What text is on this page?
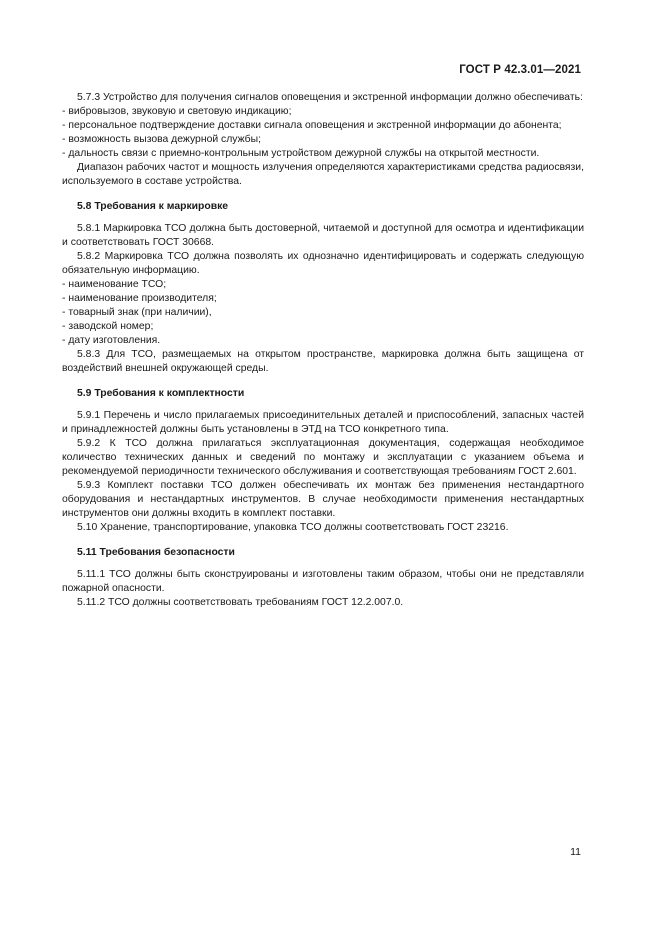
ГОСТ Р 42.3.01—2021

5.7.3 Устройство для получения сигналов оповещения и экстренной информации должно обеспечивать:

- вибровызов, звуковую и световую индикацию;

- персональное подтверждение доставки сигнала оповещения и экстренной информации до абонента;

- возможность вызова дежурной службы;

- дальность связи с приемно-контрольным устройством дежурной службы на открытой местности.

Диапазон рабочих частот и мощность излучения определяются характеристиками средства радиосвязи, используемого в составе устройства.

5.8 Требования к маркировке

5.8.1 Маркировка ТСО должна быть достоверной, читаемой и доступной для осмотра и идентификации и соответствовать ГОСТ 30668.

5.8.2 Маркировка ТСО должна позволять их однозначно идентифицировать и содержать следующую обязательную информацию.

- наименование ТСО;

- наименование производителя;

- товарный знак (при наличии),

- заводской номер;

- дату изготовления.

5.8.3 Для ТСО, размещаемых на открытом пространстве, маркировка должна быть защищена от воздействий внешней окружающей среды.

5.9 Требования к комплектности

5.9.1 Перечень и число прилагаемых присоединительных деталей и приспособлений, запасных частей и принадлежностей должны быть установлены в ЭТД на ТСО конкретного типа.

5.9.2 К ТСО должна прилагаться эксплуатационная документация, содержащая необходимое количество технических данных и сведений по монтажу и эксплуатации с указанием объема и рекомендуемой периодичности технического обслуживания и соответствующая требованиям ГОСТ 2.601.

5.9.3 Комплект поставки ТСО должен обеспечивать их монтаж без применения нестандартного оборудования и нестандартных инструментов. В случае необходимости применения нестандартных инструментов они должны входить в комплект поставки.

5.10 Хранение, транспортирование, упаковка ТСО должны соответствовать ГОСТ 23216.

5.11 Требования безопасности

5.11.1 ТСО должны быть сконструированы и изготовлены таким образом, чтобы они не представляли пожарной опасности.

5.11.2 ТСО должны соответствовать требованиям ГОСТ 12.2.007.0.

11
